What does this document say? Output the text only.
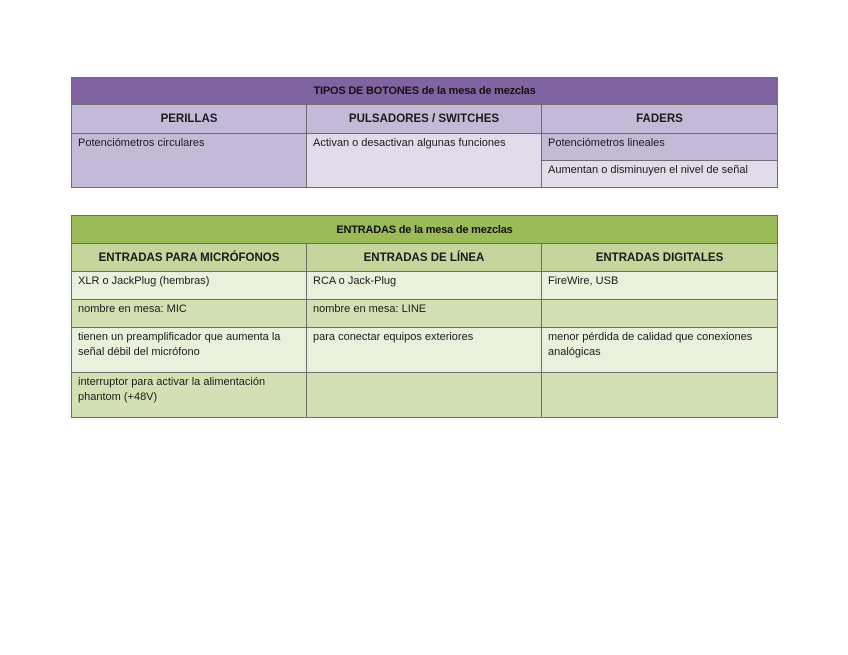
TIPOS DE BOTONES de la mesa de mezclas		
PERILLAS	PULSADORES / SWITCHES	FADERS

Potenciómetros circulares	Activan o desactivan algunas funciones	Potenciómetros lineales

		Aumentan o disminuyen el nivel de señal
ENTRADAS de la mesa de mezclas		
ENTRADAS PARA MICRÓFONOS	ENTRADAS DE LÍNEA	ENTRADAS DIGITALES

XLR o JackPlug (hembras)	RCA o Jack-Plug	FireWire, USB

nombre en mesa: MIC	nombre en mesa: LINE	

tienen un preamplificador que aumenta la señal débil del micrófono	para conectar equipos exteriores	menor pérdida de calidad que conexiones analógicas

interruptor para activar la alimentación phantom (+48V)		
